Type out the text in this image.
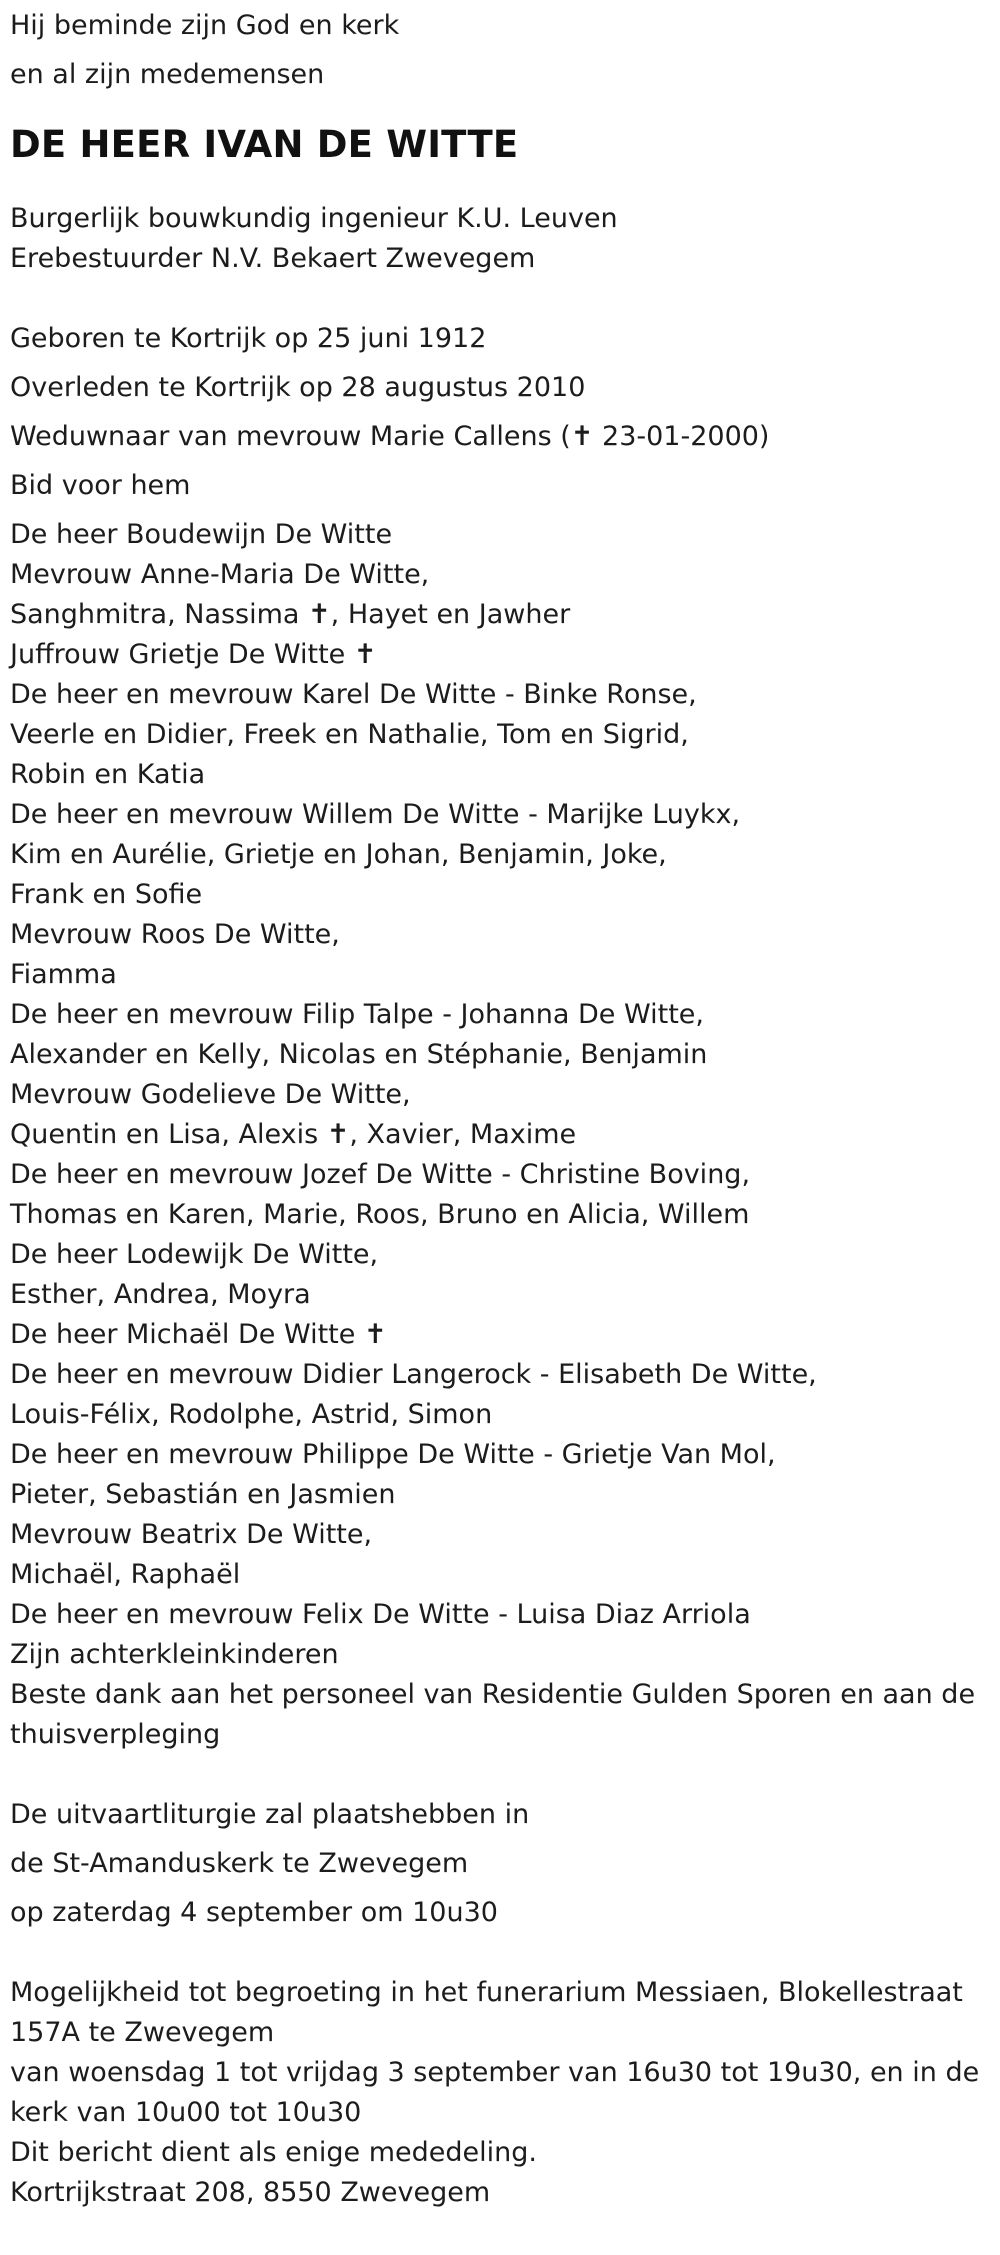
Hij beminde zijn God en kerk
en al zijn medemensen
DE HEER IVAN DE WITTE
Burgerlijk bouwkundig ingenieur K.U. Leuven
Erebestuurder N.V. Bekaert Zwevegem
Geboren te Kortrijk op 25 juni 1912
Overleden te Kortrijk op 28 augustus 2010
Weduwnaar van mevrouw Marie Callens (✝ 23-01-2000)
Bid voor hem
De heer Boudewijn De Witte
Mevrouw Anne-Maria De Witte,
Sanghmitra, Nassima ✝, Hayet en Jawher
Juffrouw Grietje De Witte ✝
De heer en mevrouw Karel De Witte - Binke Ronse,
Veerle en Didier, Freek en Nathalie, Tom en Sigrid,
Robin en Katia
De heer en mevrouw Willem De Witte - Marijke Luykx,
Kim en Aurélie, Grietje en Johan, Benjamin, Joke,
Frank en Sofie
Mevrouw Roos De Witte,
Fiamma
De heer en mevrouw Filip Talpe - Johanna De Witte,
Alexander en Kelly, Nicolas en Stéphanie, Benjamin
Mevrouw Godelieve De Witte,
Quentin en Lisa, Alexis ✝, Xavier, Maxime
De heer en mevrouw Jozef De Witte - Christine Boving,
Thomas en Karen, Marie, Roos, Bruno en Alicia, Willem
De heer Lodewijk De Witte,
Esther, Andrea, Moyra
De heer Michaël De Witte ✝
De heer en mevrouw Didier Langerock - Elisabeth De Witte,
Louis-Félix, Rodolphe, Astrid, Simon
De heer en mevrouw Philippe De Witte - Grietje Van Mol,
Pieter, Sebastián en Jasmien
Mevrouw Beatrix De Witte,
Michaël, Raphaël
De heer en mevrouw Felix De Witte - Luisa Diaz Arriola
Zijn achterkleinkinderen
Beste dank aan het personeel van Residentie Gulden Sporen en aan de
thuisverpleging
De uitvaartliturgie zal plaatshebben in
de St-Amanduskerk te Zwevegem
op zaterdag 4 september om 10u30
Mogelijkheid tot begroeting in het funerarium Messiaen, Blokellestraat
157A te Zwevegem
van woensdag 1 tot vrijdag 3 september van 16u30 tot 19u30, en in de
kerk van 10u00 tot 10u30
Dit bericht dient als enige mededeling.
Kortrijkstraat 208, 8550 Zwevegem
